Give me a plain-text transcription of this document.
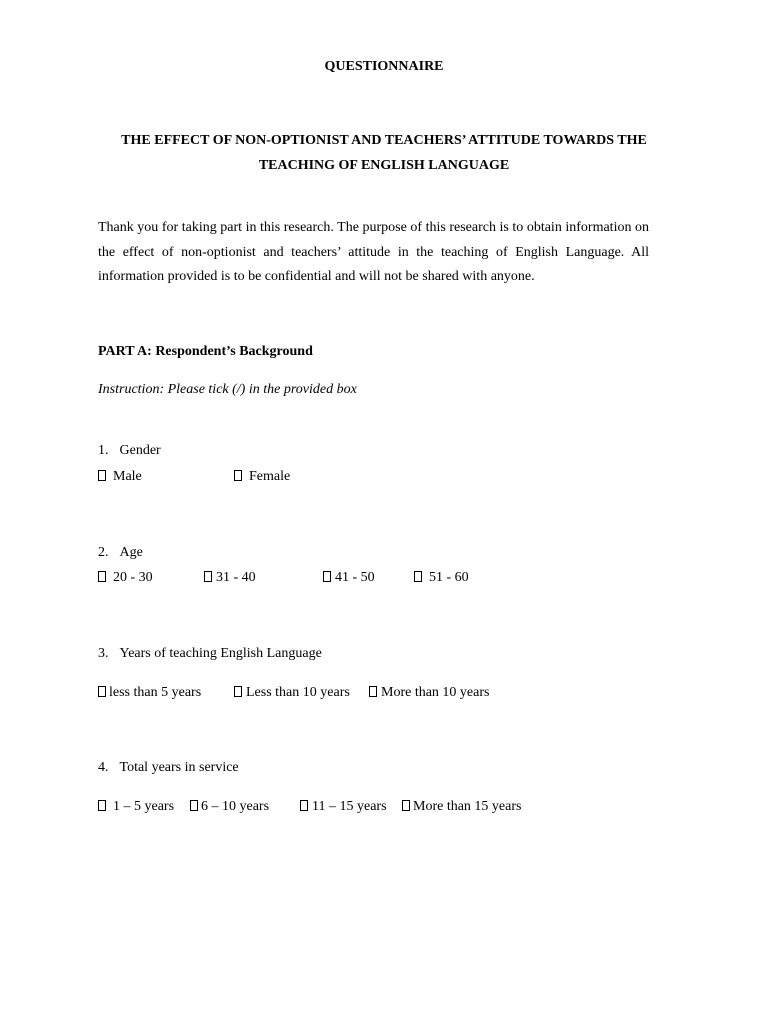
QUESTIONNAIRE
THE EFFECT OF NON-OPTIONIST AND TEACHERS’ ATTITUDE TOWARDS THE
TEACHING OF ENGLISH LANGUAGE
Thank you for taking part in this research. The purpose of this research is to obtain information on the effect of non-optionist and teachers’ attitude in the teaching of English Language. All information provided is to be confidential and will not be shared with anyone.
PART A: Respondent’s Background
Instruction: Please tick (/) in the provided box
1. Gender
Male	Female
2. Age
20 - 30	31 - 40	41 - 50	51 - 60
3. Years of teaching English Language
less than 5 years	Less than 10 years	More than 10 years
4. Total years in service
1 – 5 years	6 – 10 years	11 – 15 years	More than 15 years
